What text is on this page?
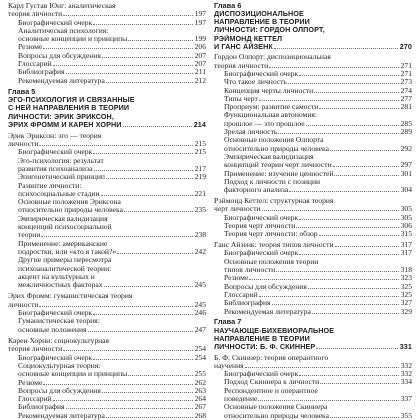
Карл Густав Юнг: аналитическая
теория личности	197
Биографический очерк	197
Аналитическая психология:
основные концепции и принципы	199
Резюме	206
Вопросы для обсуждения	207
Глоссарий	207
Библиография	211
Рекомендуемая литература	212
Глава 5
ЭГО-ПСИХОЛОГИЯ И СВЯЗАННЫЕ
С НЕЙ НАПРАВЛЕНИЯ В ТЕОРИИ
ЛИЧНОСТИ: ЭРИК ЭРИКСОН,
ЭРИХ ФРОММ И КАРЕН ХОРНИ	214
Эрик Эриксон: эго — теория
личности	215
Биографический очерк	215
Эго-психология: результат
развития психоанализа	217
Эпигенетический принцип	219
Развитие личности:
психосоциальные стадии	221
Основные положения Эриксона
относительно природы человека	235
Эмпирическая валидизация
концепций психосоциальной
теории	238
Применение: американские
подростки, или «кто я такой?»	242
Другие примеры пересмотра
психоаналитической теории:
акцент на культурных и
межличностных факторах	245
Эрих Фромм: гуманистическая теория
личности	245
Биографический очерк	246
Гуманистическая теория:
основные положения	247
Карен Хорни: социокультурная
теория личности	254
Биографический очерк	254
Социокультурная теория:
основные концепции и принципы	255
Резюме	262
Вопросы для обсуждения	263
Глоссарий	264
Библиография	267
Рекомендуемая литература	268
Глава 6
ДИСПОЗИЦИОНАЛЬНОЕ
НАПРАВЛЕНИЕ В ТЕОРИИ
ЛИЧНОСТИ: ГОРДОН ОЛПОРТ,
РЭЙМОНД КЕТТЕЛ
И ГАНС АЙЗЕНК	270
Гордон Олпорт: диспозициональная
теория личности	271
Биографический очерк	271
Что такое личность	273
Концепция черты личности	274
Типы черт	277
Проприум: развитие самости	281
Функциональная автономия:
прошлое — это прошлое	285
Зрелая личность	289
Основные положения Олпорта
относительно природы человека	292
Эмпирическая валидизация
концепций теории черт личности	297
Применение: изучение ценностей	301
Подход к личности с позиции
факторного анализа	304
Рэймонд Кеттел: структурная теория
черт личности	305
Биографический очерк	305
Теория черт личности	306
Теория черт личности: обзор	315
Ганс Айзенк: теория типов личности	317
Биографический очерк	317
Основные положения теории
типов личности	318
Резюме	323
Вопросы для обсуждения	325
Глоссарий	325
Библиография	327
Рекомендуемая литература	329
Глава 7
НАУЧАЮЩЕ-БИХЕВИОРАЛЬНОЕ
НАПРАВЛЕНИЕ В ТЕОРИИ
ЛИЧНОСТИ: Б. Ф. СКИННЕР	331
Б. Ф. Скиннер: теория оперантного
научения	332
Биографический очерк	332
Подход Скиннера к личности	334
Респондентное и оперантное
поведение	337
Основные положения Скиннера
относительно природы человека	355
